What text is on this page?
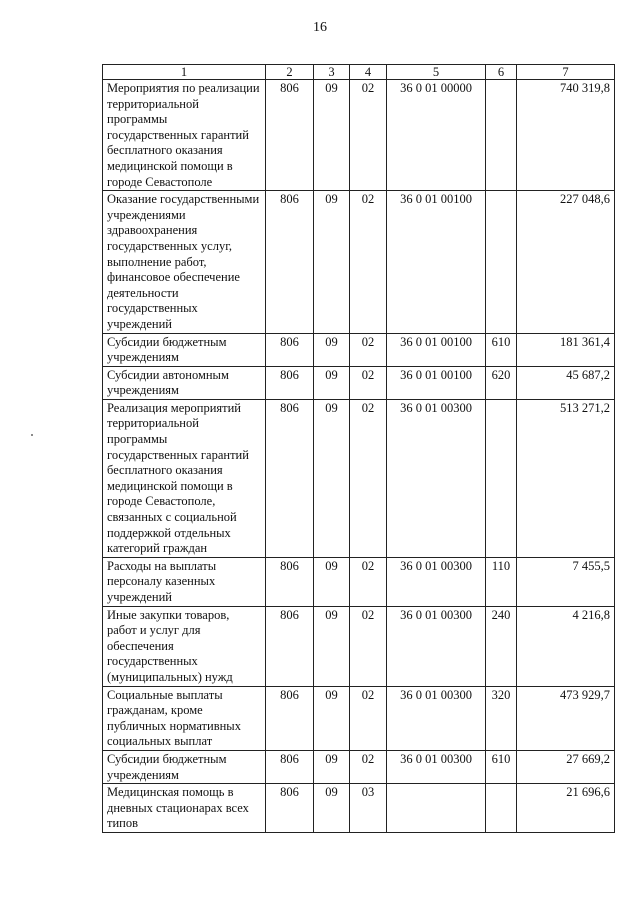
16
1	2	3	4	5	6	7
Мероприятия по реализации территориальной программы государственных гарантий бесплатного оказания медицинской помощи в городе Севастополе	806	09	02	36 0 01 00000		740 319,8
Оказание государственными учреждениями здравоохранения государственных услуг, выполнение работ, финансовое обеспечение деятельности государственных учреждений	806	09	02	36 0 01 00100		227 048,6
Субсидии бюджетным учреждениям	806	09	02	36 0 01 00100	610	181 361,4
Субсидии автономным учреждениям	806	09	02	36 0 01 00100	620	45 687,2
Реализация мероприятий территориальной программы государственных гарантий бесплатного оказания медицинской помощи в городе Севастополе, связанных с социальной поддержкой отдельных категорий граждан	806	09	02	36 0 01 00300		513 271,2
Расходы на выплаты персоналу казенных учреждений	806	09	02	36 0 01 00300	110	7 455,5
Иные закупки товаров, работ и услуг для обеспечения государственных (муниципальных) нужд	806	09	02	36 0 01 00300	240	4 216,8
Социальные выплаты гражданам, кроме публичных нормативных социальных выплат	806	09	02	36 0 01 00300	320	473 929,7
Субсидии бюджетным учреждениям	806	09	02	36 0 01 00300	610	27 669,2
Медицинская помощь в дневных стационарах всех типов	806	09	03			21 696,6
